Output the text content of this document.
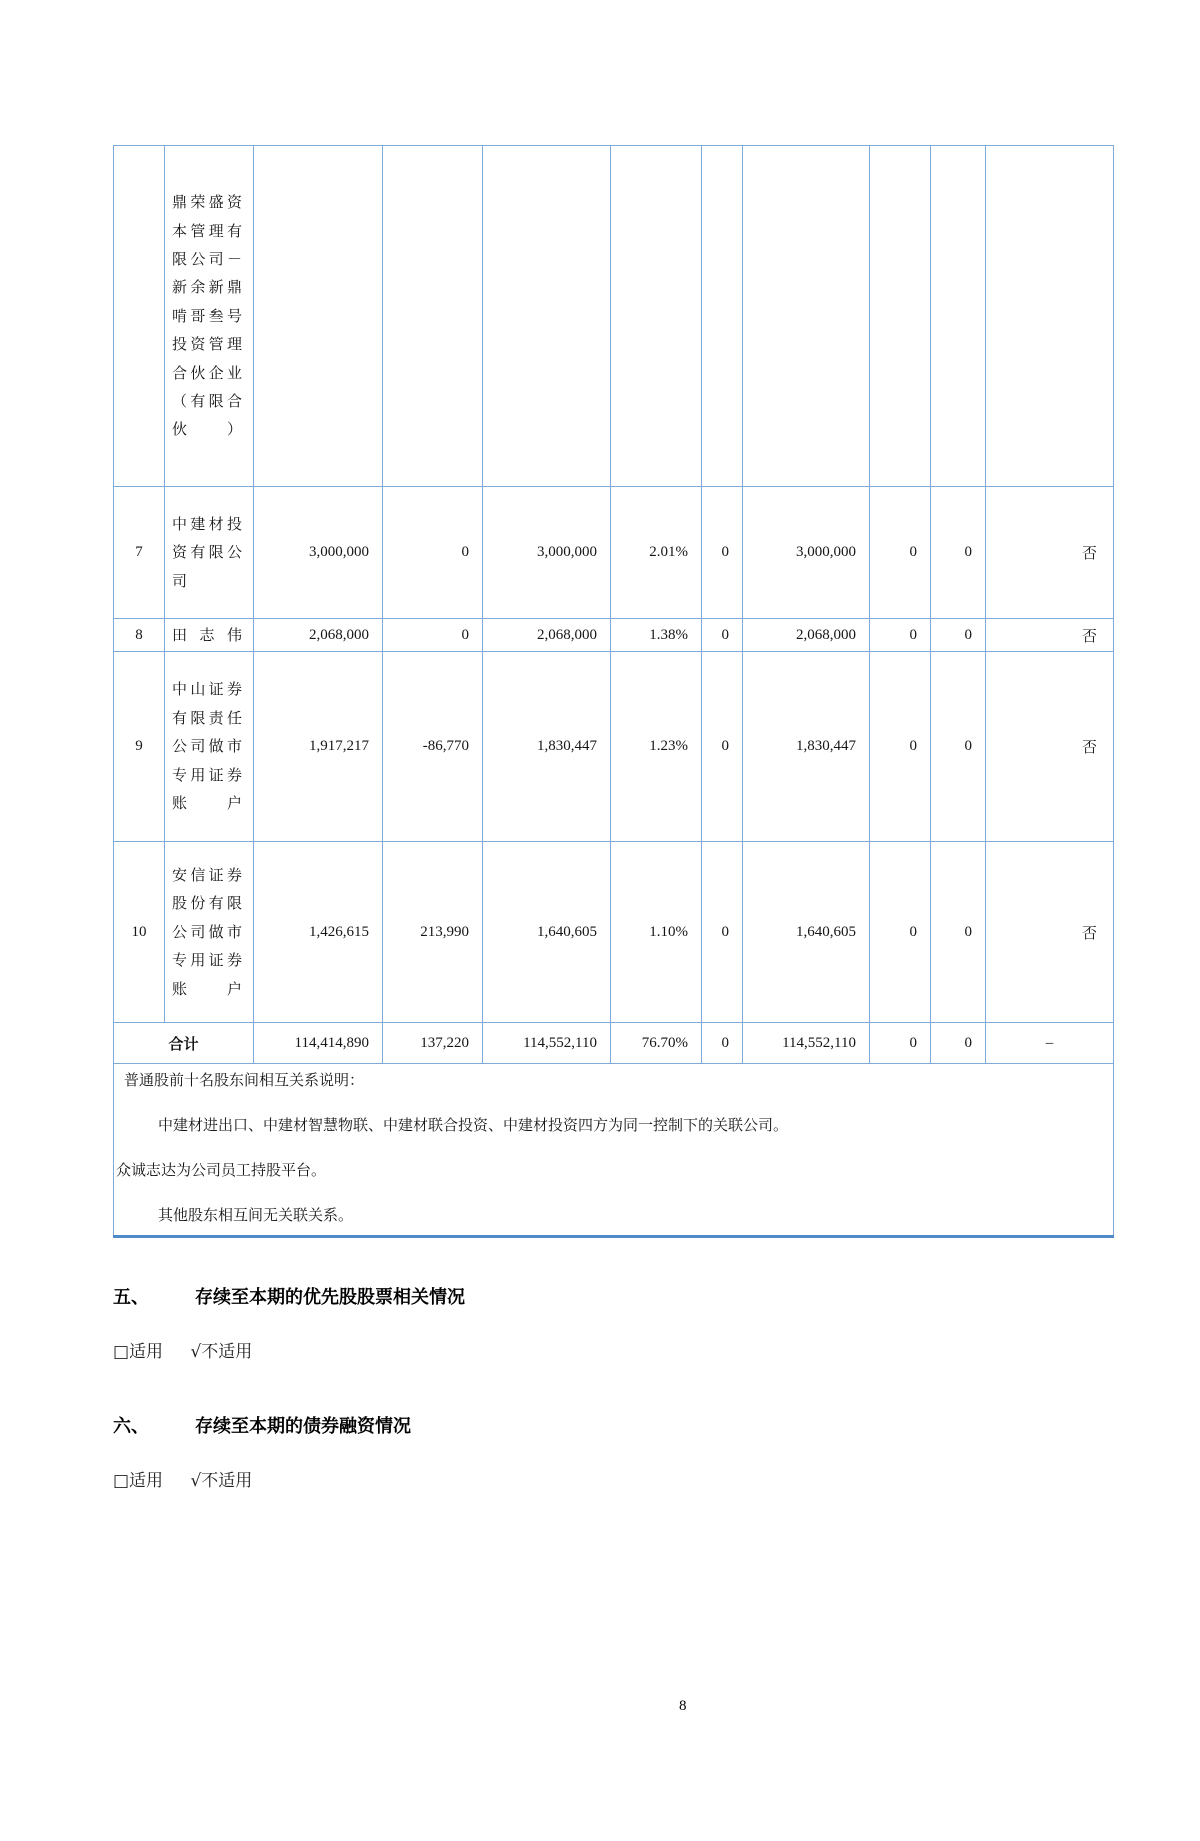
	鼎荣盛资本管理有限公司－新余新鼎啃哥叁号投资管理合伙企业（有限合伙）									
7	中建材投资有限公司	3,000,000	0	3,000,000	2.01%	0	3,000,000	0	0	否
8	田志伟	2,068,000	0	2,068,000	1.38%	0	2,068,000	0	0	否
9	中山证券有限责任公司做市专用证券账户	1,917,217	-86,770	1,830,447	1.23%	0	1,830,447	0	0	否
10	安信证券股份有限公司做市专用证券账户	1,426,615	213,990	1,640,605	1.10%	0	1,640,605	0	0	否
合计		114,414,890	137,220	114,552,110	76.70%	0	114,552,110	0	0	–

普通股前十名股东间相互关系说明：
中建材进出口、中建材智慧物联、中建材联合投资、中建材投资四方为同一控制下的关联公司。
众诚志达为公司员工持股平台。
其他股东相互间无关联关系。										
五、	存续至本期的优先股股票相关情况
□适用 √不适用
六、	存续至本期的债券融资情况
□适用 √不适用
8
